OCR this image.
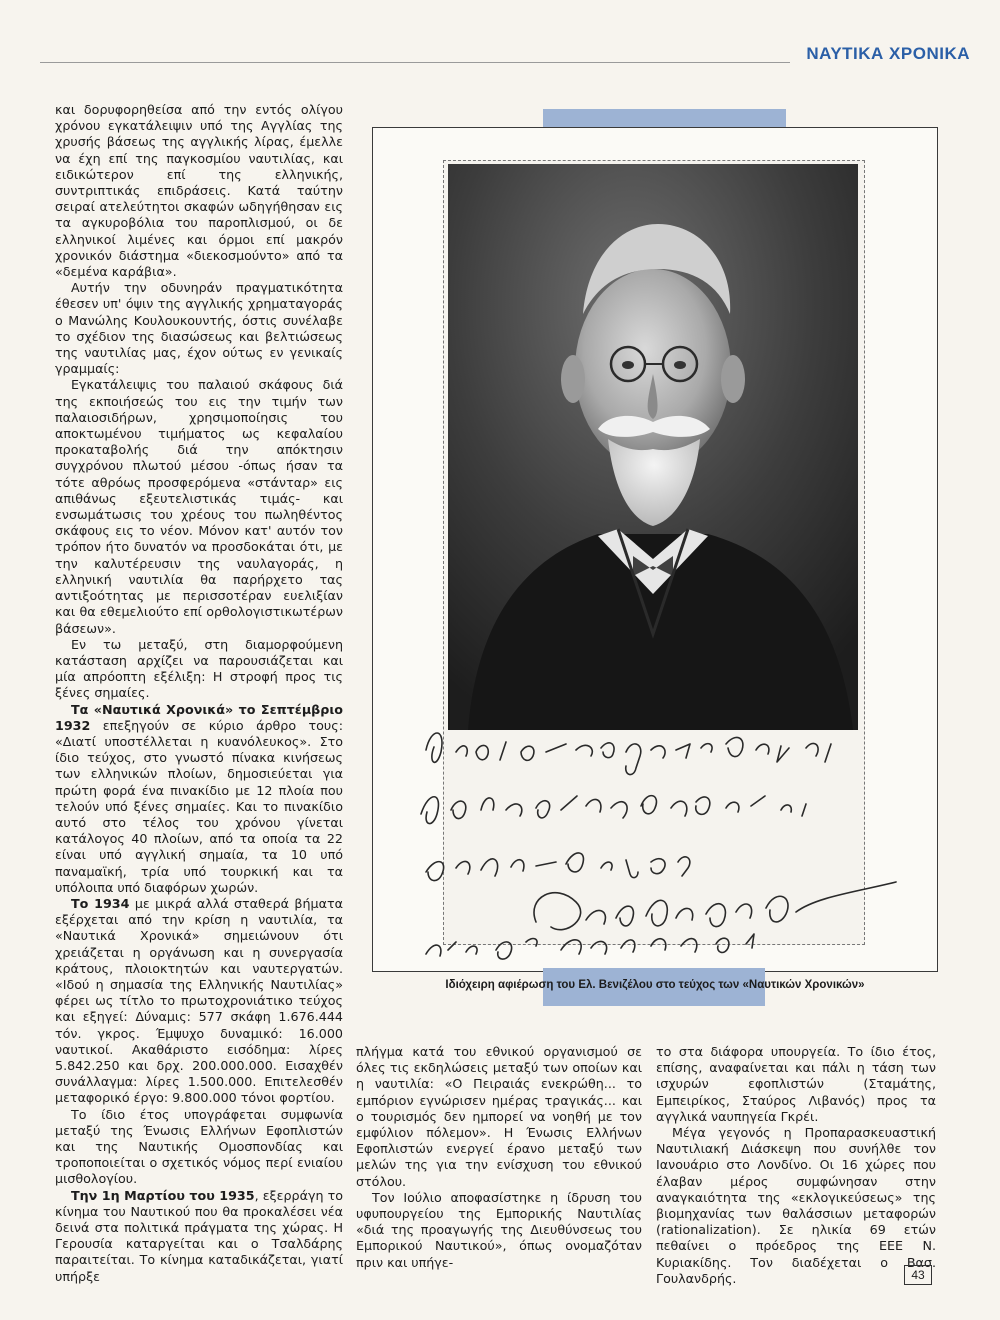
ΝΑΥΤΙΚΑ ΧΡΟΝΙΚΑ

και δορυφορηθείσα από την εντός ολίγου χρόνου εγκατάλειψιν υπό της Αγγλίας της χρυσής βάσεως της αγγλικής λίρας, έμελλε να έχη επί της παγκοσμίου ναυτιλίας, και ειδικώτερον επί της ελληνικής, συντριπτικάς επιδράσεις. Κατά ταύτην σειραί ατελεύτητοι σκαφών ωδηγήθησαν εις τα αγκυροβόλια του παροπλισμού, οι δε ελληνικοί λιμένες και όρμοι επί μακρόν χρονικόν διάστημα «διεκοσμούντο» από τα «δεμένα καράβια».

Αυτήν την οδυνηράν πραγματικότητα έθεσεν υπ' όψιν της αγγλικής χρηματαγοράς ο Μανώλης Κουλουκουντής, όστις συνέλαβε το σχέδιον της διασώσεως και βελτιώσεως της ναυτιλίας μας, έχον ούτως εν γενικαίς γραμμαίς:

Εγκατάλειψις του παλαιού σκάφους διά της εκποιήσεώς του εις την τιμήν των παλαιοσιδήρων, χρησιμοποίησις του αποκτωμένου τιμήματος ως κεφαλαίου προκαταβολής διά την απόκτησιν συγχρόνου πλωτού μέσου -όπως ήσαν τα τότε αθρόως προσφερόμενα «στάνταρ» εις απιθάνως εξευτελιστικάς τιμάς- και ενσωμάτωσις του χρέους του πωληθέντος σκάφους εις το νέον. Μόνον κατ' αυτόν τον τρόπον ήτο δυνατόν να προσδοκάται ότι, με την καλυτέρευσιν της ναυλαγοράς, η ελληνική ναυτιλία θα παρήρχετο τας αντιξοότητας με περισσοτέραν ευελιξίαν και θα εθεμελιούτο επί ορθολογιστικωτέρων βάσεων».

Εν τω μεταξύ, στη διαμορφούμενη κατάσταση αρχίζει να παρουσιάζεται και μία απρόοπτη εξέλιξη: Η στροφή προς τις ξένες σημαίες.

Τα «Ναυτικά Χρονικά» το Σεπτέμβριο 1932 επεξηγούν σε κύριο άρθρο τους: «Διατί υποστέλλεται η κυανόλευκος». Στο ίδιο τεύχος, στο γνωστό πίνακα κινήσεως των ελληνικών πλοίων, δημοσιεύεται για πρώτη φορά ένα πινακίδιο με 12 πλοία που τελούν υπό ξένες σημαίες. Και το πινακίδιο αυτό στο τέλος του χρόνου γίνεται κατάλογος 40 πλοίων, από τα οποία τα 22 είναι υπό αγγλική σημαία, τα 10 υπό παναμαϊκή, τρία υπό τουρκική και τα υπόλοιπα υπό διαφόρων χωρών.

Το 1934 με μικρά αλλά σταθερά βήματα εξέρχεται από την κρίση η ναυτιλία, τα «Ναυτικά Χρονικά» σημειώνουν ότι χρειάζεται η οργάνωση και η συνεργασία κράτους, πλοιοκτητών και ναυτεργατών. «Ιδού η σημασία της Ελληνικής Ναυτιλίας» φέρει ως τίτλο το πρωτοχρονιάτικο τεύχος και εξηγεί: Δύναμις: 577 σκάφη 1.676.444 τόν. γκρος. Έμψυχο δυναμικό: 16.000 ναυτικοί. Ακαθάριστο εισόδημα: λίρες 5.842.250 και δρχ. 200.000.000. Εισαχθέν συνάλλαγμα: λίρες 1.500.000. Επιτελεσθέν μεταφορικό έργο: 9.800.000 τόνοι φορτίου.

Το ίδιο έτος υπογράφεται συμφωνία μεταξύ της Ένωσις Ελλήνων Εφοπλιστών και της Ναυτικής Ομοσπονδίας και τροποποιείται ο σχετικός νόμος περί ενιαίου μισθολογίου.

Την 1η Μαρτίου του 1935, εξερράγη το κίνημα του Ναυτικού που θα προκαλέσει νέα δεινά στα πολιτικά πράγματα της χώρας. Η Γερουσία καταργείται και ο Τσαλδάρης παραιτείται. Το κίνημα καταδικάζεται, γιατί υπήρξε

Ιδιόχειρη αφιέρωση του Ελ. Βενιζέλου στο τεύχος των «Ναυτικών Χρονικών»

πλήγμα κατά του εθνικού οργανισμού σε όλες τις εκδηλώσεις μεταξύ των οποίων και η ναυτιλία: «Ο Πειραιάς ενεκρώθη... το εμπόριον εγνώρισεν ημέρας τραγικάς... και ο τουρισμός δεν ημπορεί να νοηθή με τον εμφύλιον πόλεμον». Η Ένωσις Ελλήνων Εφοπλιστών ενεργεί έρανο μεταξύ των μελών της για την ενίσχυση του εθνικού στόλου.

Τον Ιούλιο αποφασίστηκε η ίδρυση του υφυπουργείου της Εμπορικής Ναυτιλίας «διά της προαγωγής της Διευθύνσεως του Εμπορικού Ναυτικού», όπως ονομαζόταν πριν και υπήγε-

το στα διάφορα υπουργεία. Το ίδιο έτος, επίσης, αναφαίνεται και πάλι η τάση των ισχυρών εφοπλιστών (Σταμάτης, Εμπειρίκος, Σταύρος Λιβανός) προς τα αγγλικά ναυπηγεία Γκρέι.

Μέγα γεγονός η Προπαρασκευαστική Ναυτιλιακή Διάσκεψη που συνήλθε τον Ιανουάριο στο Λονδίνο. Οι 16 χώρες που έλαβαν μέρος συμφώνησαν στην αναγκαιότητα της «εκλογικεύσεως» της βιομηχανίας των θαλάσσιων μεταφορών (rationalization). Σε ηλικία 69 ετών πεθαίνει ο πρόεδρος της ΕΕΕ Ν. Κυριακίδης. Τον διαδέχεται ο Βασ. Γουλανδρής.	43
